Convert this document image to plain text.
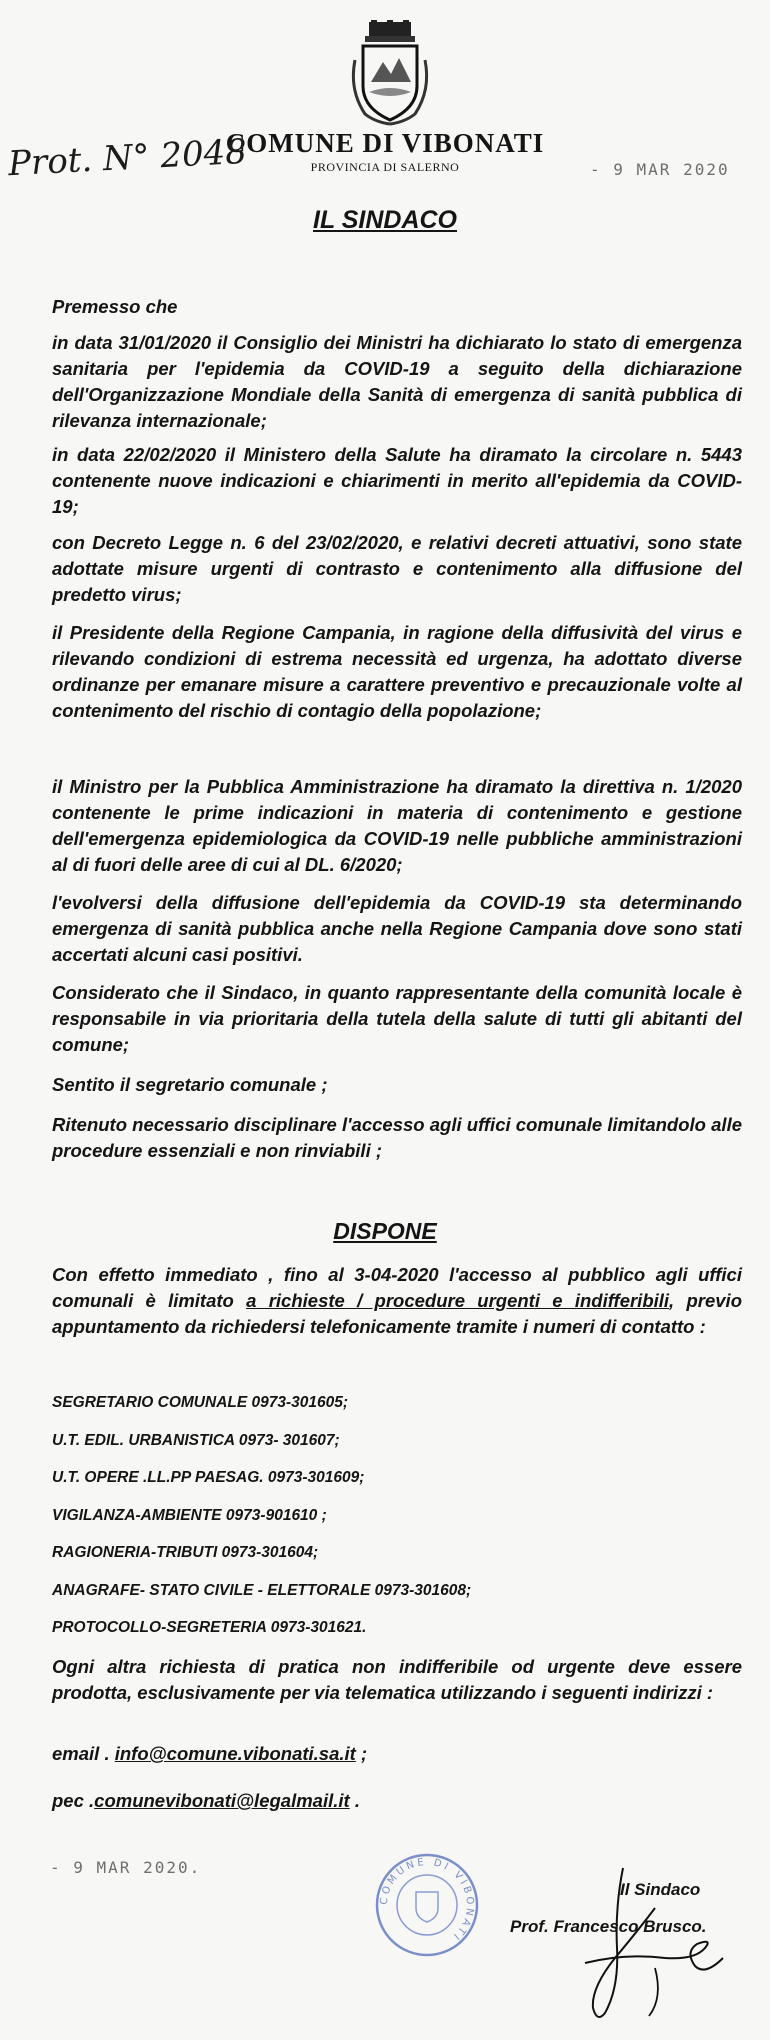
COMUNE DI VIBONATI
PROVINCIA DI SALERNO
Prot. N° 2048	- 9 MAR 2020
IL SINDACO
Premesso che
in data 31/01/2020 il Consiglio dei Ministri ha dichiarato lo stato di emergenza sanitaria per l'epidemia da COVID-19 a seguito della dichiarazione dell'Organizzazione Mondiale della Sanità di emergenza di sanità pubblica di rilevanza internazionale;
in data 22/02/2020 il Ministero della Salute ha diramato la circolare n. 5443 contenente nuove indicazioni e chiarimenti in merito all'epidemia da COVID-19;
con Decreto Legge n. 6 del 23/02/2020, e relativi decreti attuativi, sono state adottate misure urgenti di contrasto e contenimento alla diffusione del predetto virus;
il Presidente della Regione Campania, in ragione della diffusività del virus e rilevando condizioni di estrema necessità ed urgenza, ha adottato diverse ordinanze per emanare misure a carattere preventivo e precauzionale volte al contenimento del rischio di contagio della popolazione;
il Ministro per la Pubblica Amministrazione ha diramato la direttiva n. 1/2020 contenente le prime indicazioni in materia di contenimento e gestione dell'emergenza epidemiologica da COVID-19 nelle pubbliche amministrazioni al di fuori delle aree di cui al DL. 6/2020;
l'evolversi della diffusione dell'epidemia da COVID-19 sta determinando emergenza di sanità pubblica anche nella Regione Campania dove sono stati accertati alcuni casi positivi.
Considerato che il Sindaco, in quanto rappresentante della comunità locale è responsabile in via prioritaria della tutela della salute di tutti gli abitanti del comune;
Sentito il segretario comunale ;
Ritenuto necessario disciplinare l'accesso agli uffici comunale limitandolo alle procedure essenziali e non rinviabili ;
DISPONE
Con effetto immediato , fino al 3-04-2020 l'accesso al pubblico agli uffici comunali è limitato a richieste / procedure urgenti e indifferibili, previo appuntamento da richiedersi telefonicamente tramite i numeri di contatto :
SEGRETARIO COMUNALE 0973-301605;
U.T. EDIL. URBANISTICA 0973- 301607;
U.T. OPERE .LL.PP PAESAG. 0973-301609;
VIGILANZA-AMBIENTE 0973-901610 ;
RAGIONERIA-TRIBUTI 0973-301604;
ANAGRAFE- STATO CIVILE - ELETTORALE 0973-301608;
PROTOCOLLO-SEGRETERIA 0973-301621.
Ogni altra richiesta di pratica non indifferibile od urgente deve essere prodotta, esclusivamente per via telematica utilizzando i seguenti indirizzi :
email . info@comune.vibonati.sa.it ;
pec .comunevibonati@legalmail.it .
- 9 MAR 2020.
COMUNE DI VIBONATI
Il Sindaco
Prof. Francesco Brusco.
